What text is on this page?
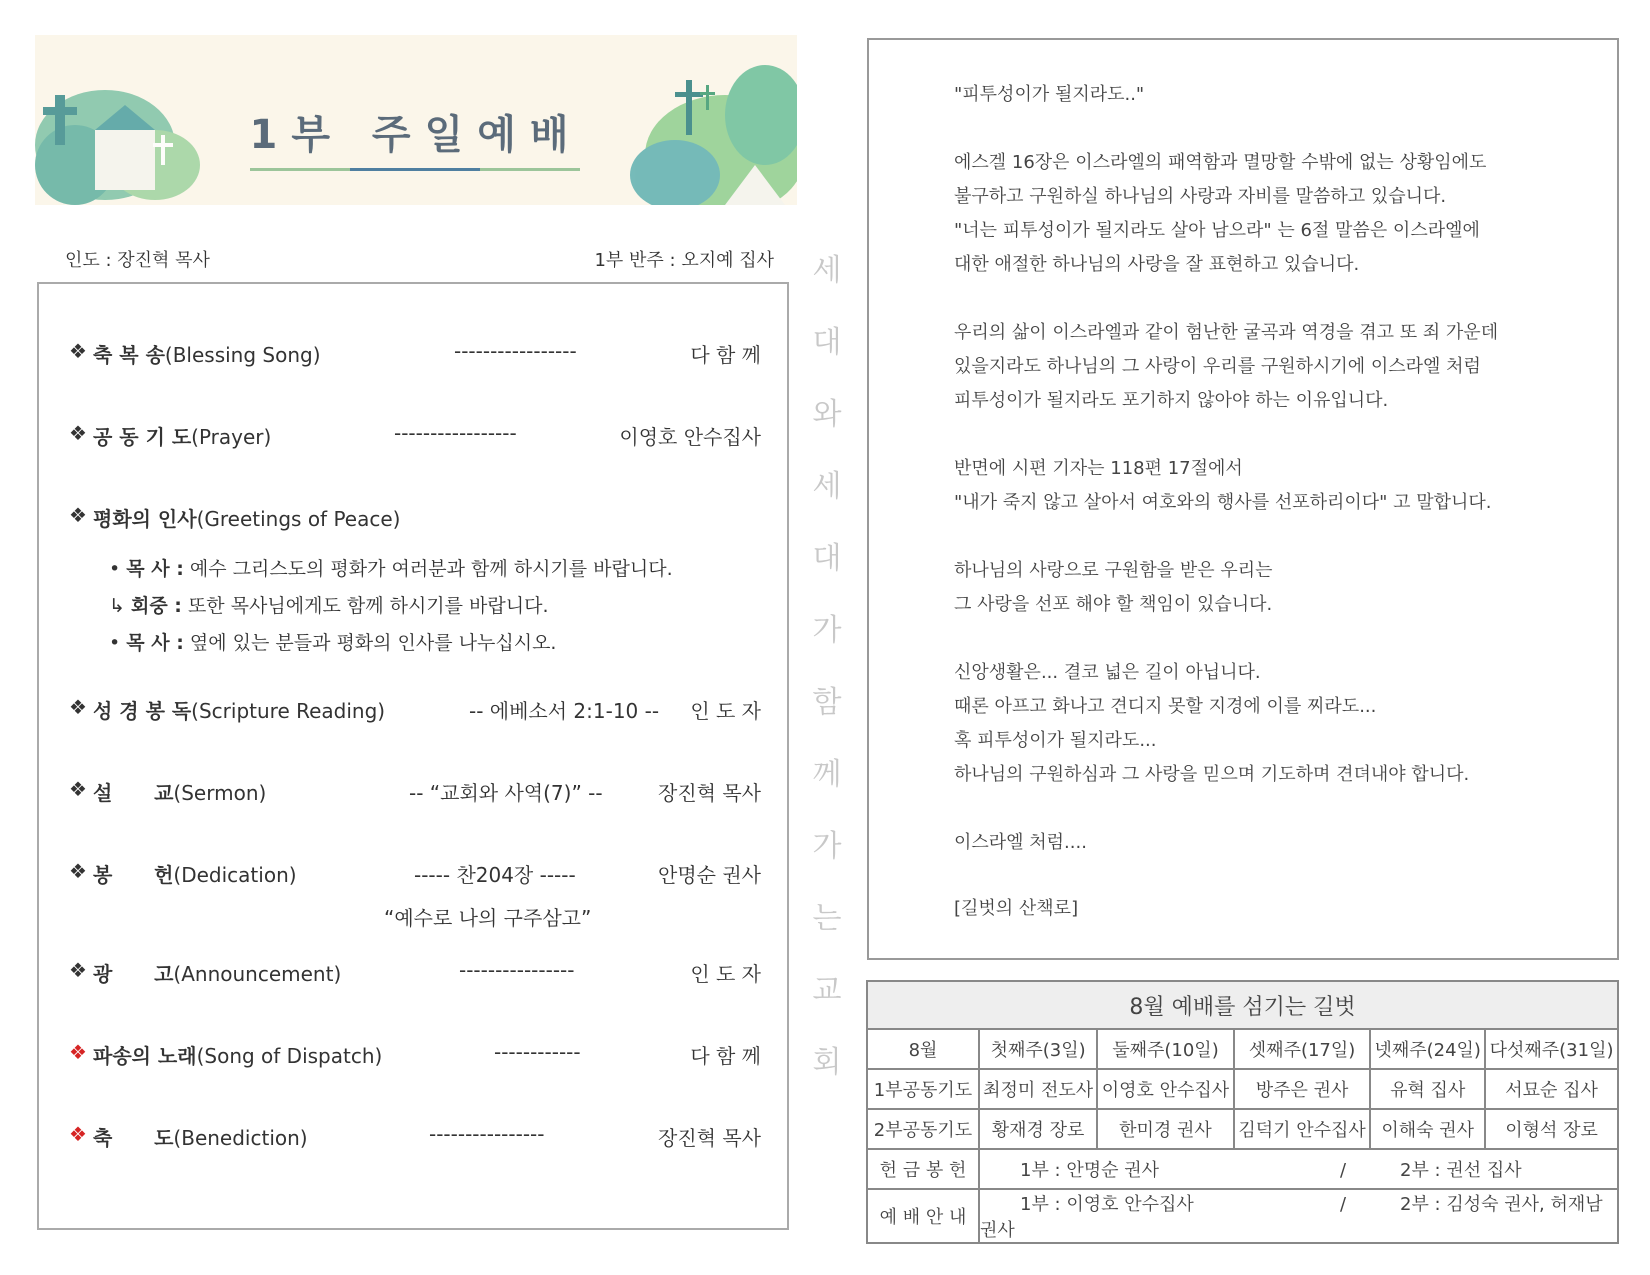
1부 주일예배
인도 : 장진혁 목사	1부 반주 : 오지예 집사
❖ 축 복 송(Blessing Song)	-----------------	다 함 께
❖ 공 동 기 도(Prayer)	-----------------	이영호 안수집사
❖ 평화의 인사(Greetings of Peace)
• 목 사 : 예수 그리스도의 평화가 여러분과 함께 하시기를 바랍니다.
↳ 회중 : 또한 목사님에게도 함께 하시기를 바랍니다.
• 목 사 : 옆에 있는 분들과 평화의 인사를 나누십시오.
❖ 성 경 봉 독(Scripture Reading)	-- 에베소서 2:1-10 -- 인 도 자
❖ 설      교(Sermon)	-- “교회와 사역(7)” --	장진혁 목사
❖ 봉      헌(Dedication)	----- 찬204장 -----	안명순 권사
“예수로 나의 구주삼고”
❖ 광      고(Announcement)	----------------	인 도 자
❖ 파송의 노래(Song of Dispatch)	------------	다 함 께
❖ 축      도(Benediction)	----------------	장진혁 목사
세
대
와
세
대
가
함
께
가
는
교
회
"피투성이가 될지라도.."
에스겔 16장은 이스라엘의 패역함과 멸망할 수밖에 없는 상황임에도
불구하고 구원하실 하나님의 사랑과 자비를 말씀하고 있습니다.
"너는 피투성이가 될지라도 살아 남으라" 는 6절 말씀은 이스라엘에
대한 애절한 하나님의 사랑을 잘 표현하고 있습니다.
우리의 삶이 이스라엘과 같이 험난한 굴곡과 역경을 겪고 또 죄 가운데
있을지라도 하나님의 그 사랑이 우리를 구원하시기에 이스라엘 처럼
피투성이가 될지라도 포기하지 않아야 하는 이유입니다.
반면에 시편 기자는 118편 17절에서
"내가 죽지 않고 살아서 여호와의 행사를 선포하리이다" 고 말합니다.
하나님의 사랑으로 구원함을 받은 우리는
그 사랑을 선포 해야 할 책임이 있습니다.
신앙생활은... 결코 넓은 길이 아닙니다.
때론 아프고 화나고 견디지 못할 지경에 이를 찌라도...
혹 피투성이가 될지라도...
하나님의 구원하심과 그 사랑을 믿으며 기도하며 견뎌내야 합니다.
이스라엘 처럼....
[길벗의 산책로]
8월 예배를 섬기는 길벗					
8월	첫째주(3일)	둘째주(10일)	셋째주(17일)	넷째주(24일)	다섯째주(31일)
1부공동기도	최정미 전도사	이영호 안수집사	방주은 권사	유혁 집사	서묘순 집사
2부공동기도	황재경 장로	한미경 권사	김덕기 안수집사	이해숙 권사	이형석 장로
헌 금 봉 헌	1부 : 안명순 권사 / 2부 : 권선 집사				
예 배 안 내	1부 : 이영호 안수집사 / 2부 : 김성숙 권사, 허재남 권사				
